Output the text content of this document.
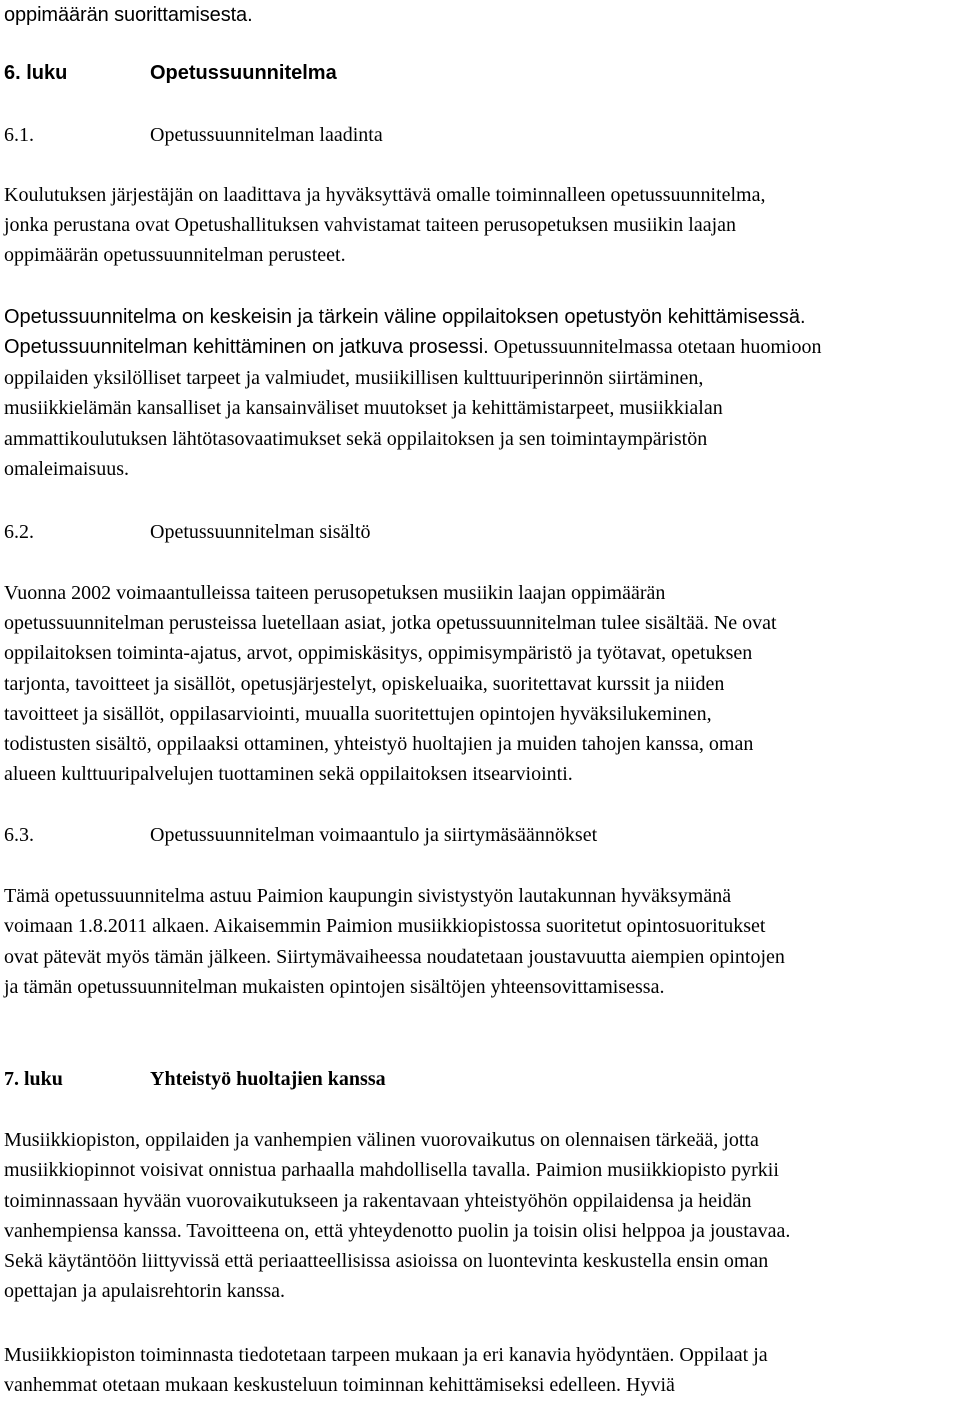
oppimäärän suorittamisesta.
6. luku	Opetussuunnitelma
6.1.	Opetussuunnitelman laadinta
Koulutuksen järjestäjän on laadittava ja hyväksyttävä omalle toiminnalleen opetussuunnitelma,
jonka perustana ovat Opetushallituksen vahvistamat taiteen perusopetuksen musiikin laajan
oppimäärän opetussuunnitelman perusteet.
Opetussuunnitelma on keskeisin ja tärkein väline oppilaitoksen opetustyön kehittämisessä.
Opetussuunnitelman kehittäminen on jatkuva prosessi. Opetussuunnitelmassa otetaan huomioon
oppilaiden yksilölliset tarpeet ja valmiudet, musiikillisen kulttuuriperinnön siirtäminen,
musiikkielämän kansalliset ja kansainväliset muutokset ja kehittämistarpeet, musiikkialan
ammattikoulutuksen lähtötasovaatimukset sekä oppilaitoksen ja sen toimintaympäristön
omaleimaisuus.
6.2.	Opetussuunnitelman sisältö
Vuonna 2002 voimaantulleissa taiteen perusopetuksen musiikin laajan oppimäärän
opetussuunnitelman perusteissa luetellaan asiat, jotka opetussuunnitelman tulee sisältää. Ne ovat
oppilaitoksen toiminta-ajatus, arvot, oppimiskäsitys, oppimisympäristö ja työtavat, opetuksen
tarjonta, tavoitteet ja sisällöt, opetusjärjestelyt, opiskeluaika, suoritettavat kurssit ja niiden
tavoitteet ja sisällöt, oppilasarviointi, muualla suoritettujen opintojen hyväksilukeminen,
todistusten sisältö, oppilaaksi ottaminen, yhteistyö huoltajien ja muiden tahojen kanssa, oman
alueen kulttuuripalvelujen tuottaminen sekä oppilaitoksen itsearviointi.
6.3.	Opetussuunnitelman voimaantulo ja siirtymäsäännökset
Tämä opetussuunnitelma astuu Paimion kaupungin sivistystyön lautakunnan hyväksymänä
voimaan 1.8.2011 alkaen. Aikaisemmin Paimion musiikkiopistossa suoritetut opintosuoritukset
ovat pätevät myös tämän jälkeen. Siirtymävaiheessa noudatetaan joustavuutta aiempien opintojen
ja tämän opetussuunnitelman mukaisten opintojen sisältöjen yhteensovittamisessa.
7. luku	Yhteistyö huoltajien kanssa
Musiikkiopiston, oppilaiden ja vanhempien välinen vuorovaikutus on olennaisen tärkeää, jotta
musiikkiopinnot voisivat onnistua parhaalla mahdollisella tavalla. Paimion musiikkiopisto pyrkii
toiminnassaan hyvään vuorovaikutukseen ja rakentavaan yhteistyöhön oppilaidensa ja heidän
vanhempiensa kanssa. Tavoitteena on, että yhteydenotto puolin ja toisin olisi helppoa ja joustavaa.
Sekä käytäntöön liittyvissä että periaatteellisissa asioissa on luontevinta keskustella ensin oman
opettajan ja apulaisrehtorin kanssa.
Musiikkiopiston toiminnasta tiedotetaan tarpeen mukaan ja eri kanavia hyödyntäen. Oppilaat ja
vanhemmat otetaan mukaan keskusteluun toiminnan kehittämiseksi edelleen. Hyviä
